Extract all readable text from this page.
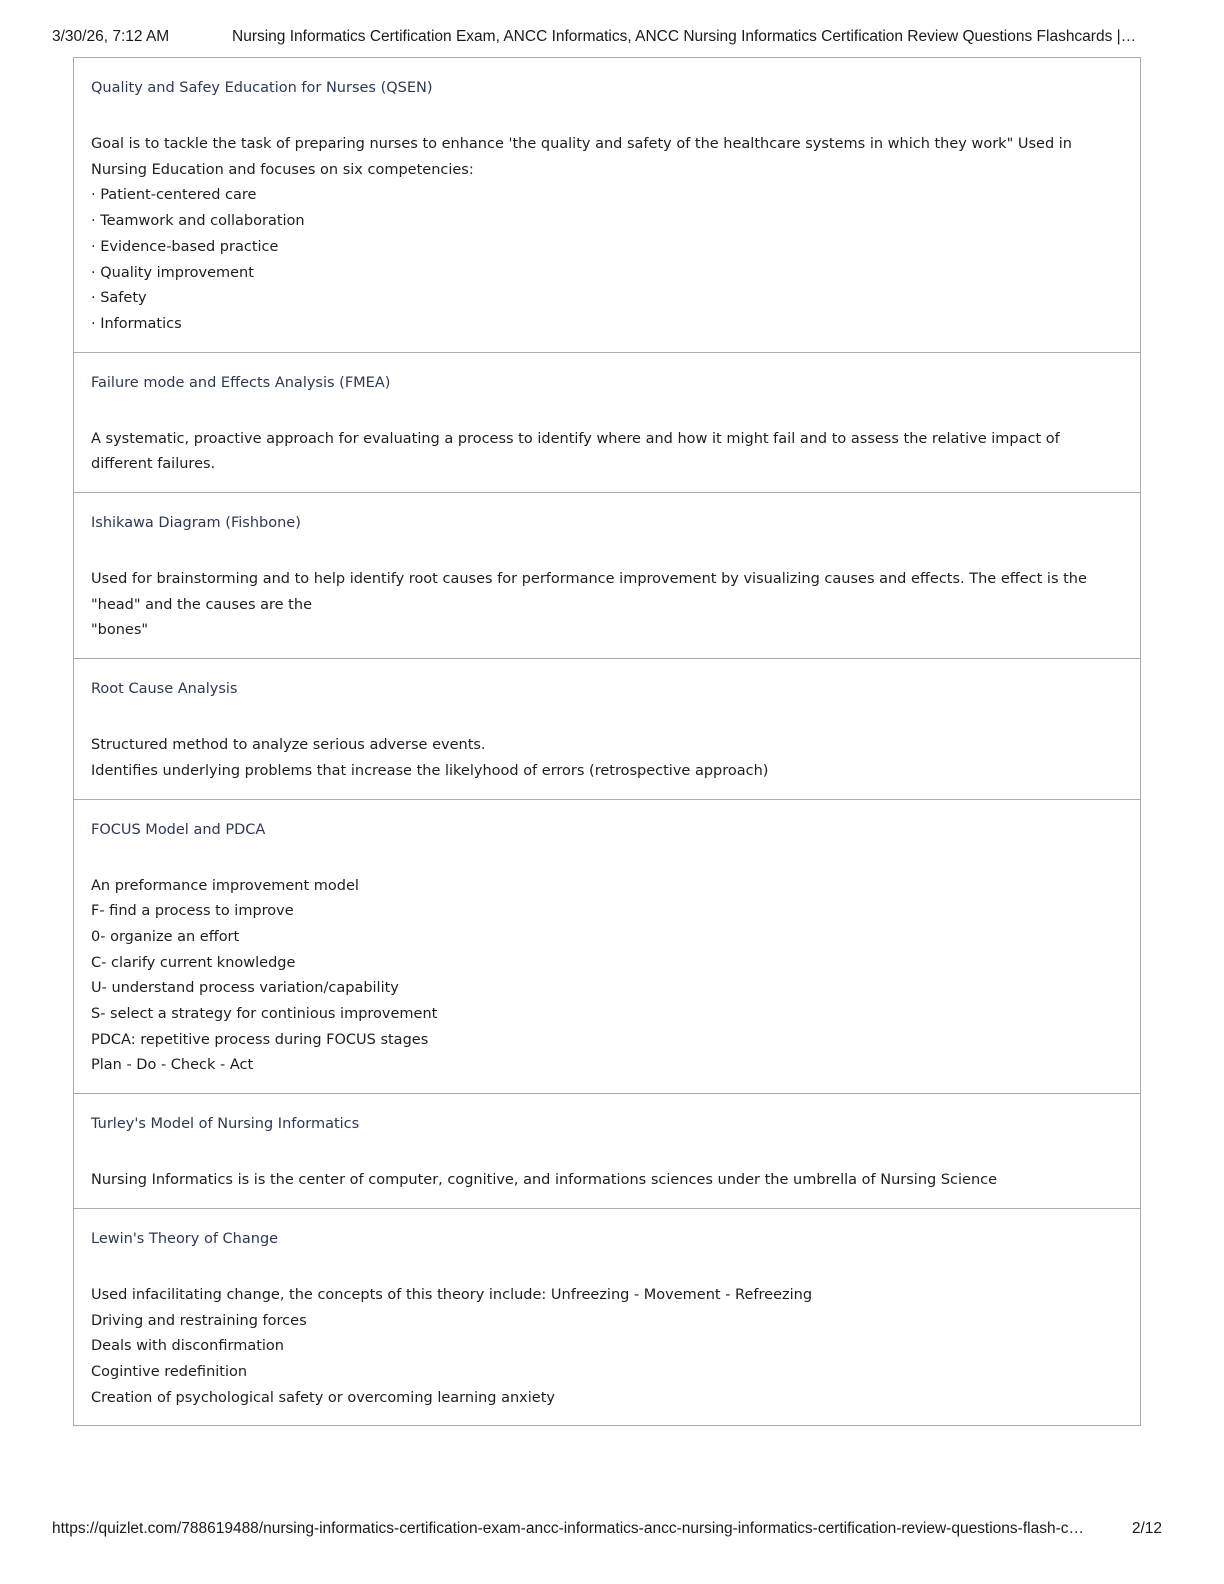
3/30/26, 7:12 AM	Nursing Informatics Certification Exam, ANCC Informatics, ANCC Nursing Informatics Certification Review Questions Flashcards |…
Quality and Safey Education for Nurses (QSEN)
Goal is to tackle the task of preparing nurses to enhance 'the quality and safety of the healthcare systems in which they work" Used in Nursing Education and focuses on six competencies:
· Patient-centered care
· Teamwork and collaboration
· Evidence-based practice
· Quality improvement
· Safety
· Informatics
Failure mode and Effects Analysis (FMEA)
A systematic, proactive approach for evaluating a process to identify where and how it might fail and to assess the relative impact of different failures.
Ishikawa Diagram (Fishbone)
Used for brainstorming and to help identify root causes for performance improvement by visualizing causes and effects. The effect is the "head" and the causes are the
"bones"
Root Cause Analysis
Structured method to analyze serious adverse events.
Identifies underlying problems that increase the likelyhood of errors (retrospective approach)
FOCUS Model and PDCA
An preformance improvement model
F- find a process to improve
0- organize an effort
C- clarify current knowledge
U- understand process variation/capability
S- select a strategy for continious improvement
PDCA: repetitive process during FOCUS stages
Plan - Do - Check - Act
Turley's Model of Nursing Informatics
Nursing Informatics is is the center of computer, cognitive, and informations sciences under the umbrella of Nursing Science
Lewin's Theory of Change
Used infacilitating change, the concepts of this theory include: Unfreezing - Movement - Refreezing
Driving and restraining forces
Deals with disconfirmation
Cogintive redefinition
Creation of psychological safety or overcoming learning anxiety
https://quizlet.com/788619488/nursing-informatics-certification-exam-ancc-informatics-ancc-nursing-informatics-certification-review-questions-flash-c…	2/12
